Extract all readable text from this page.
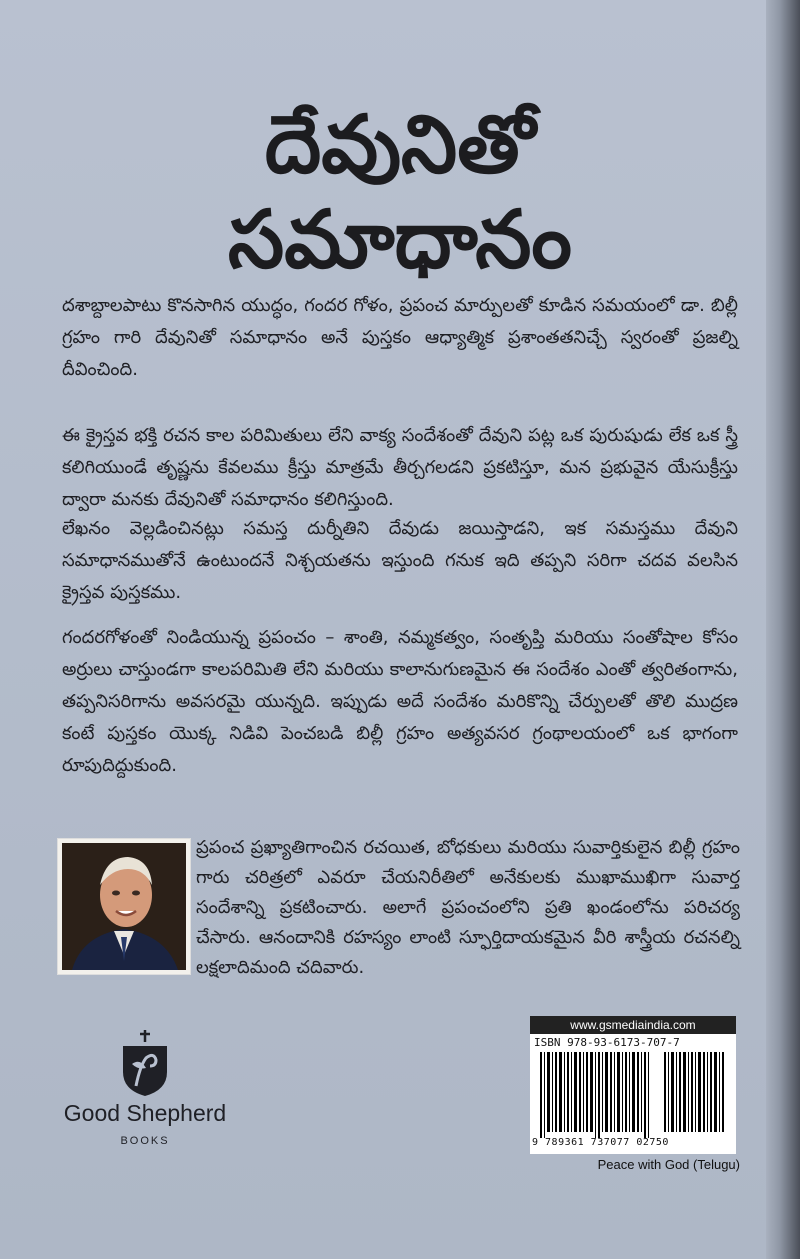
దేవునితో
సమాధానం
దశాబ్దాలపాటు కొనసాగిన యుద్ధం, గందర గోళం, ప్రపంచ మార్పులతో కూడిన సమయంలో డా. బిల్లీ గ్రహం గారి దేవునితో సమాధానం అనే పుస్తకం ఆధ్యాత్మిక ప్రశాంతతనిచ్చే స్వరంతో ప్రజల్ని దీవించింది.
ఈ క్రైస్తవ భక్తి రచన కాల పరిమితులు లేని వాక్య సందేశంతో దేవుని పట్ల ఒక పురుషుడు లేక ఒక స్త్రీ కలిగియుండే తృష్ణను కేవలము క్రీస్తు మాత్రమే తీర్చగలడని ప్రకటిస్తూ, మన ప్రభువైన యేసుక్రీస్తు ద్వారా మనకు దేవునితో సమాధానం కలిగిస్తుంది.
లేఖనం వెల్లడించినట్లు సమస్త దుర్నీతిని దేవుడు జయిస్తాడని, ఇక సమస్తము దేవుని సమాధానముతోనే ఉంటుందనే నిశ్చయతను ఇస్తుంది గనుక ఇది తప్పని సరిగా చదవ వలసిన క్రైస్తవ పుస్తకము.
గందరగోళంతో నిండియున్న ప్రపంచం – శాంతి, నమ్మకత్వం, సంతృప్తి మరియు సంతోషాల కోసం అర్రులు చాస్తుండగా కాలపరిమితి లేని మరియు కాలానుగుణమైన ఈ సందేశం ఎంతో త్వరితంగాను, తప్పనిసరిగాను అవసరమై యున్నది. ఇప్పుడు అదే సందేశం మరికొన్ని చేర్పులతో తొలి ముద్రణ కంటే పుస్తకం యొక్క నిడివి పెంచబడి బిల్లీ గ్రహం అత్యవసర గ్రంథాలయంలో ఒక భాగంగా రూపుదిద్దుకుంది.
ప్రపంచ ప్రఖ్యాతిగాంచిన రచయిత, బోధకులు మరియు సువార్తికులైన బిల్లీ గ్రహం గారు చరిత్రలో ఎవరూ చేయనిరీతిలో అనేకులకు ముఖాముఖిగా సువార్త సందేశాన్ని ప్రకటించారు. అలాగే ప్రపంచంలోని ప్రతి ఖండంలోను పరిచర్య చేసారు. ఆనందానికి రహస్యం లాంటి స్ఫూర్తిదాయకమైన వీరి శాస్త్రీయ రచనల్ని లక్షలాదిమంది చదివారు.
Good Shepherd
BOOKS
www.gsmediaindia.com
ISBN 978-93-6173-707-7
9 789361 737077 02750
Peace with God (Telugu)
